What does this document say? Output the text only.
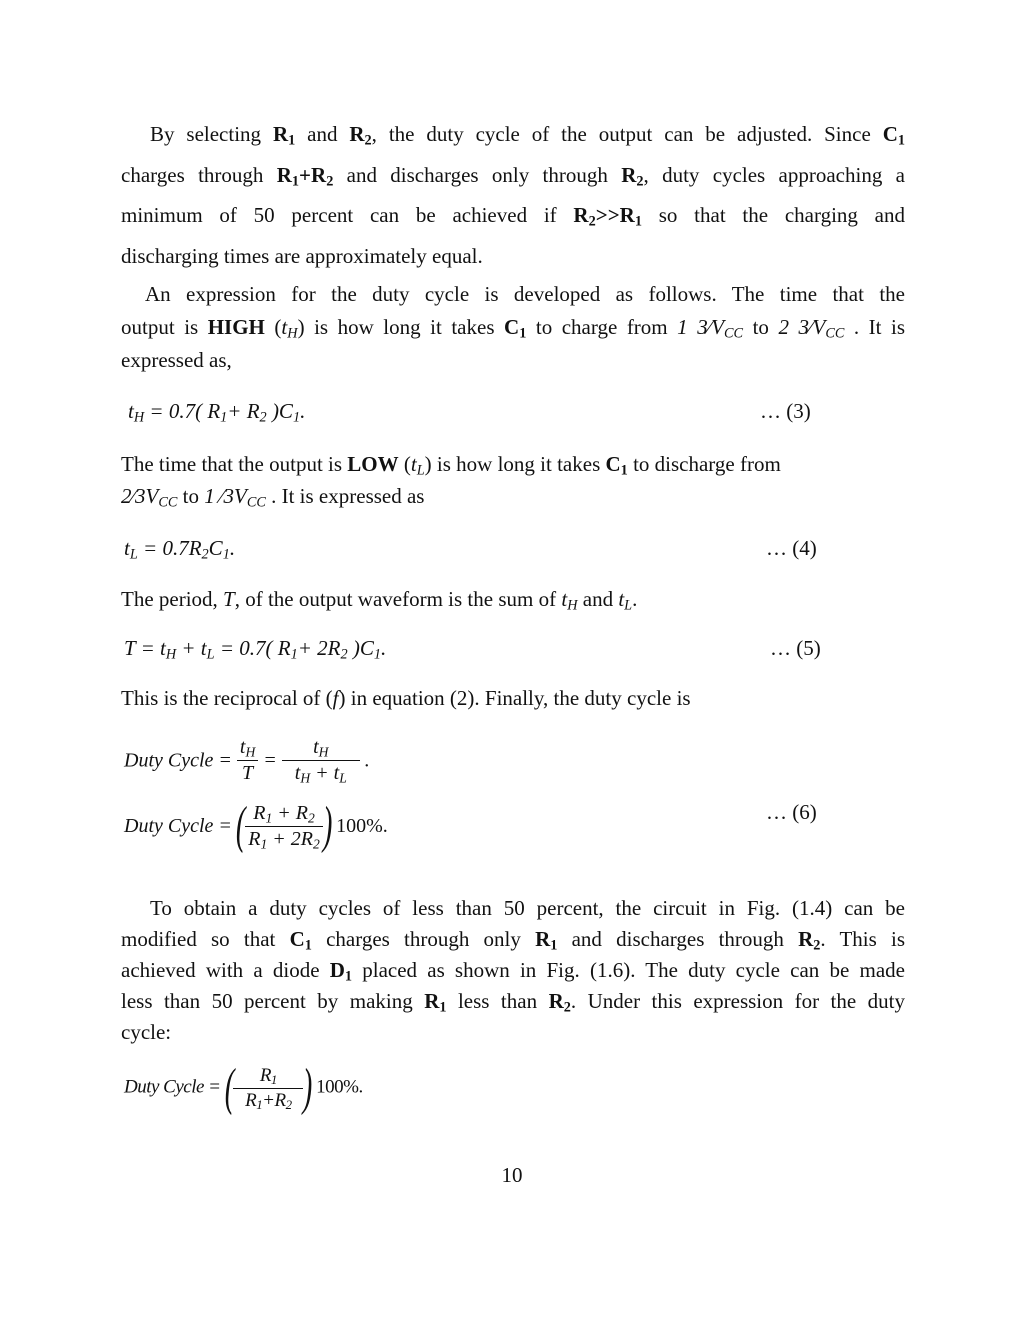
By selecting $R_1$ and $R_2$, the duty cycle of the output can be adjusted. Since $C_1$
charges through $R_1+R_2$ and discharges only through $R_2$, duty cycles approaching a
minimum of 50 percent can be achieved if $R_2>>R_1$ so that the charging and
discharging times are approximately equal.
An expression for the duty cycle is developed as follows. The time that the
output is HIGH $(t_H)$ is how long it takes $C_1$ to charge from 1 $3⁄V_{CC}$ to 2 $3⁄V_{CC}$ . It is
expressed as,
$t_H = 0.7$( $R_1+ R_2$ )$C_1$.	… (3)
The time that the output is LOW $(t_L)$ is how long it takes $C_1$ to discharge from
$2⁄3V_{CC}$ to 1 $⁄3V_{CC}$ . It is expressed as
$t_L = 0.7R_2C_1$.	… (4)
The period, T, of the output waveform is the sum of $t_H$ and $t_L$.
$T = t_H + t_L = 0.7$( $R_1+ 2R_2$ )$C_1$.	… (5)
This is the reciprocal of (f) in equation (2). Finally, the duty cycle is
Duty Cycle = $\frac{t_H}{T} = \frac{t_H}{t_H + t_L}$ .
Duty Cycle =( $\frac{R_1 + R_2}{R_1 + 2R_2}$ ) 100%.
… (6)
To obtain a duty cycles of less than 50 percent, the circuit in Fig. (1.4) can be
modified so that $C_1$ charges through only $R_1$ and discharges through $R_2$. This is
achieved with a diode $D_1$ placed as shown in Fig. (1.6). The duty cycle can be made
less than 50 percent by making $R_1$ less than $R_2$. Under this expression for the duty
cycle:
Duty Cycle =( $\frac{R_1}{R_1+R_2}$ ) 100%.
10
